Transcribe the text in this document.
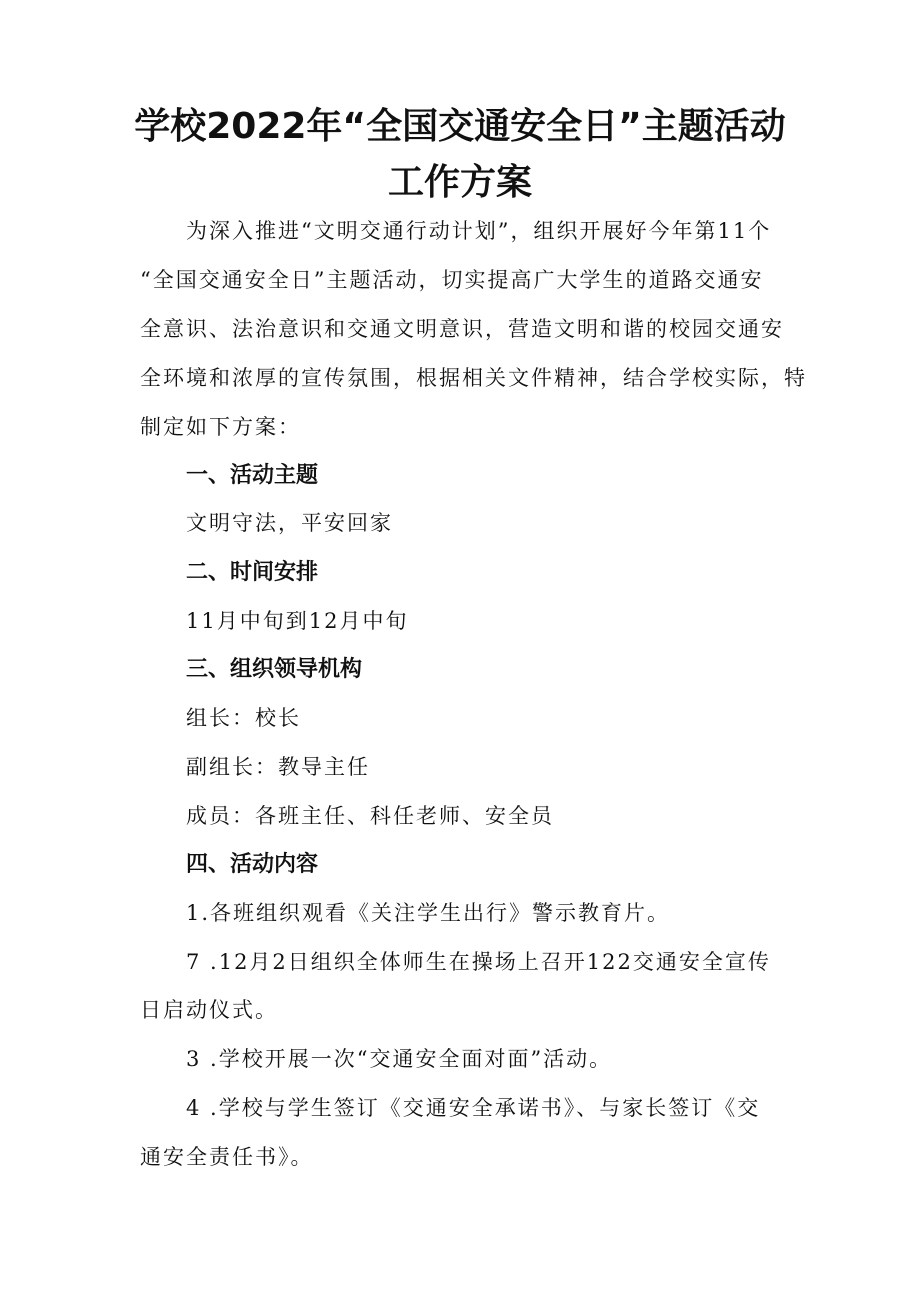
学校2022年“全国交通安全日”主题活动
工作方案

为深入推进“文明交通行动计划”，组织开展好今年第11个

“全国交通安全日”主题活动，切实提高广大学生的道路交通安

全意识、法治意识和交通文明意识，营造文明和谐的校园交通安

全环境和浓厚的宣传氛围，根据相关文件精神，结合学校实际，特

制定如下方案：

一、活动主题

文明守法，平安回家

二、时间安排

11月中旬到12月中旬

三、组织领导机构

组长：校长

副组长：教导主任

成员：各班主任、科任老师、安全员

四、活动内容

1.各班组织观看《关注学生出行》警示教育片。

7 .12月2日组织全体师生在操场上召开122交通安全宣传

日启动仪式。

3 .学校开展一次“交通安全面对面”活动。

4 .学校与学生签订《交通安全承诺书》、与家长签订《交

通安全责任书》。
